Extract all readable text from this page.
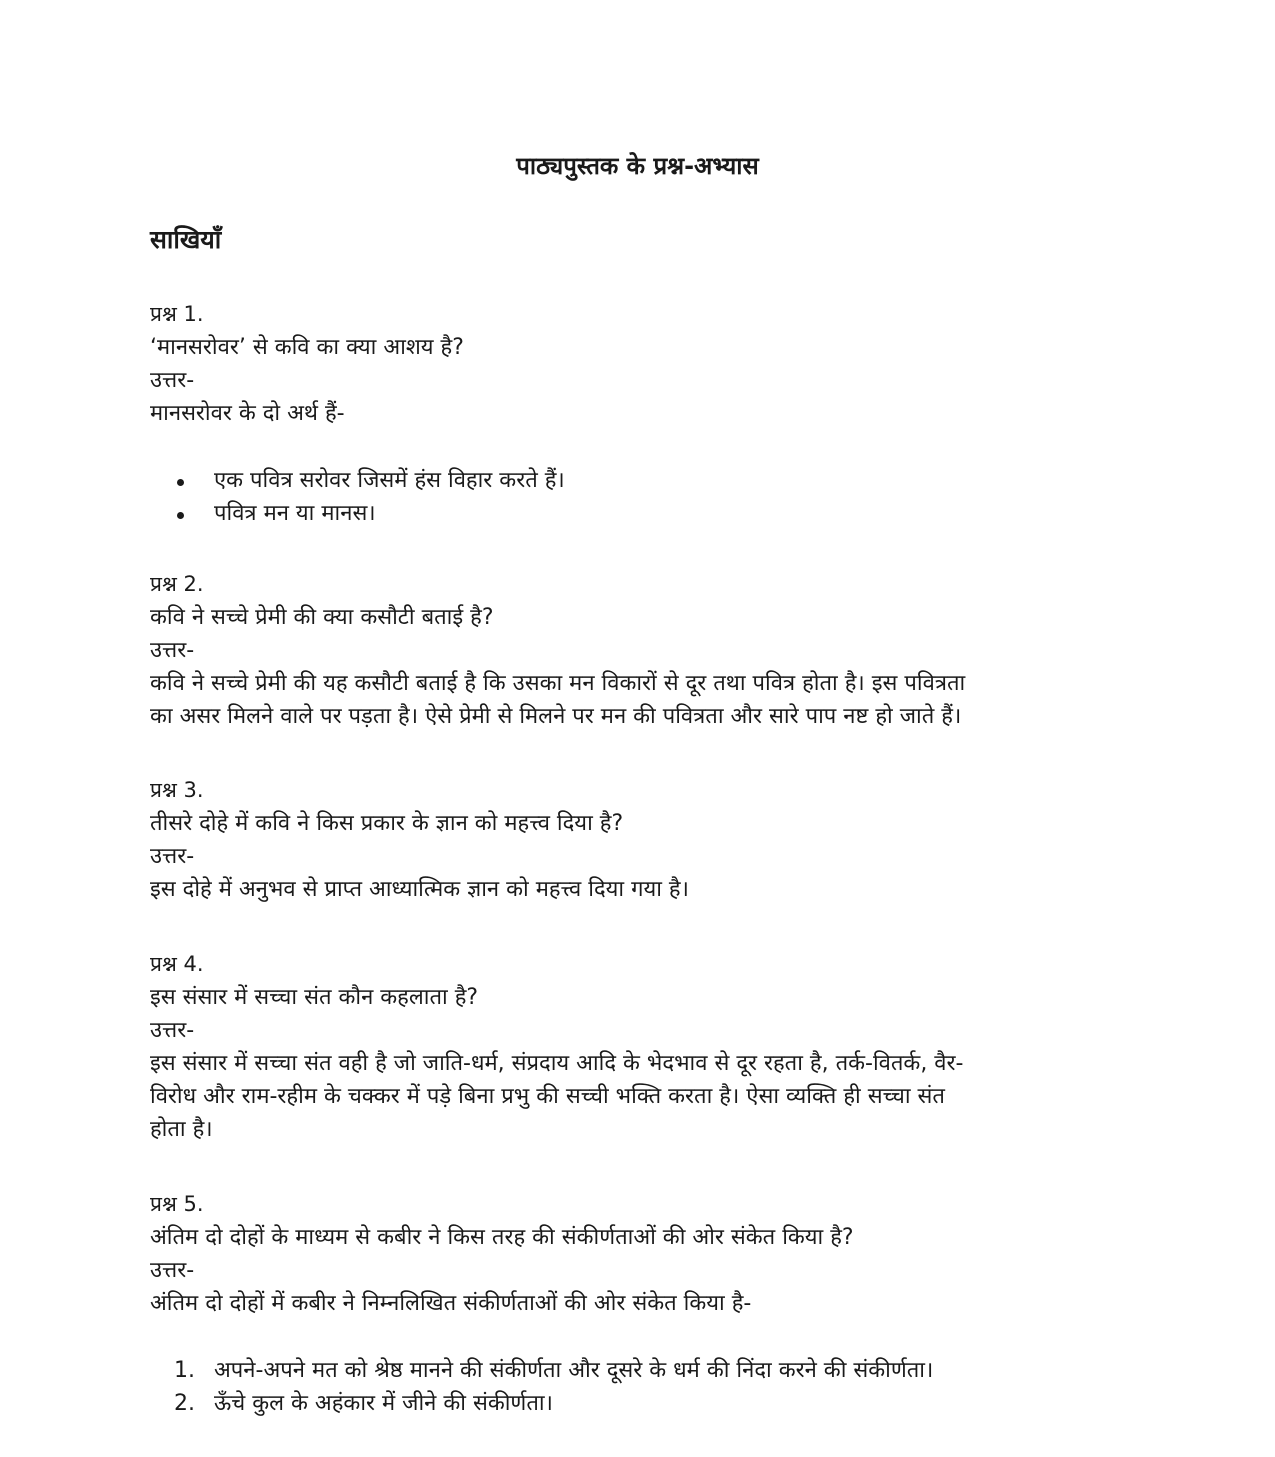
पाठ्यपुस्तक के प्रश्न-अभ्यास
साखियाँ

प्रश्न 1.

‘मानसरोवर’ से कवि का क्या आशय है?

उत्तर-

मानसरोवर के दो अर्थ हैं-

एक पवित्र सरोवर जिसमें हंस विहार करते हैं।
पवित्र मन या मानस।

प्रश्न 2.

कवि ने सच्चे प्रेमी की क्या कसौटी बताई है?

उत्तर-

कवि ने सच्चे प्रेमी की यह कसौटी बताई है कि उसका मन विकारों से दूर तथा पवित्र होता है। इस पवित्रता

का असर मिलने वाले पर पड़ता है। ऐसे प्रेमी से मिलने पर मन की पवित्रता और सारे पाप नष्ट हो जाते हैं।

प्रश्न 3.

तीसरे दोहे में कवि ने किस प्रकार के ज्ञान को महत्त्व दिया है?

उत्तर-

इस दोहे में अनुभव से प्राप्त आध्यात्मिक ज्ञान को महत्त्व दिया गया है।

प्रश्न 4.

इस संसार में सच्चा संत कौन कहलाता है?

उत्तर-

इस संसार में सच्चा संत वही है जो जाति-धर्म, संप्रदाय आदि के भेदभाव से दूर रहता है, तर्क-वितर्क, वैर-

विरोध और राम-रहीम के चक्कर में पड़े बिना प्रभु की सच्ची भक्ति करता है। ऐसा व्यक्ति ही सच्चा संत

होता है।

प्रश्न 5.

अंतिम दो दोहों के माध्यम से कबीर ने किस तरह की संकीर्णताओं की ओर संकेत किया है?

उत्तर-

अंतिम दो दोहों में कबीर ने निम्नलिखित संकीर्णताओं की ओर संकेत किया है-

1. अपने-अपने मत को श्रेष्ठ मानने की संकीर्णता और दूसरे के धर्म की निंदा करने की संकीर्णता।
2. ऊँचे कुल के अहंकार में जीने की संकीर्णता।
